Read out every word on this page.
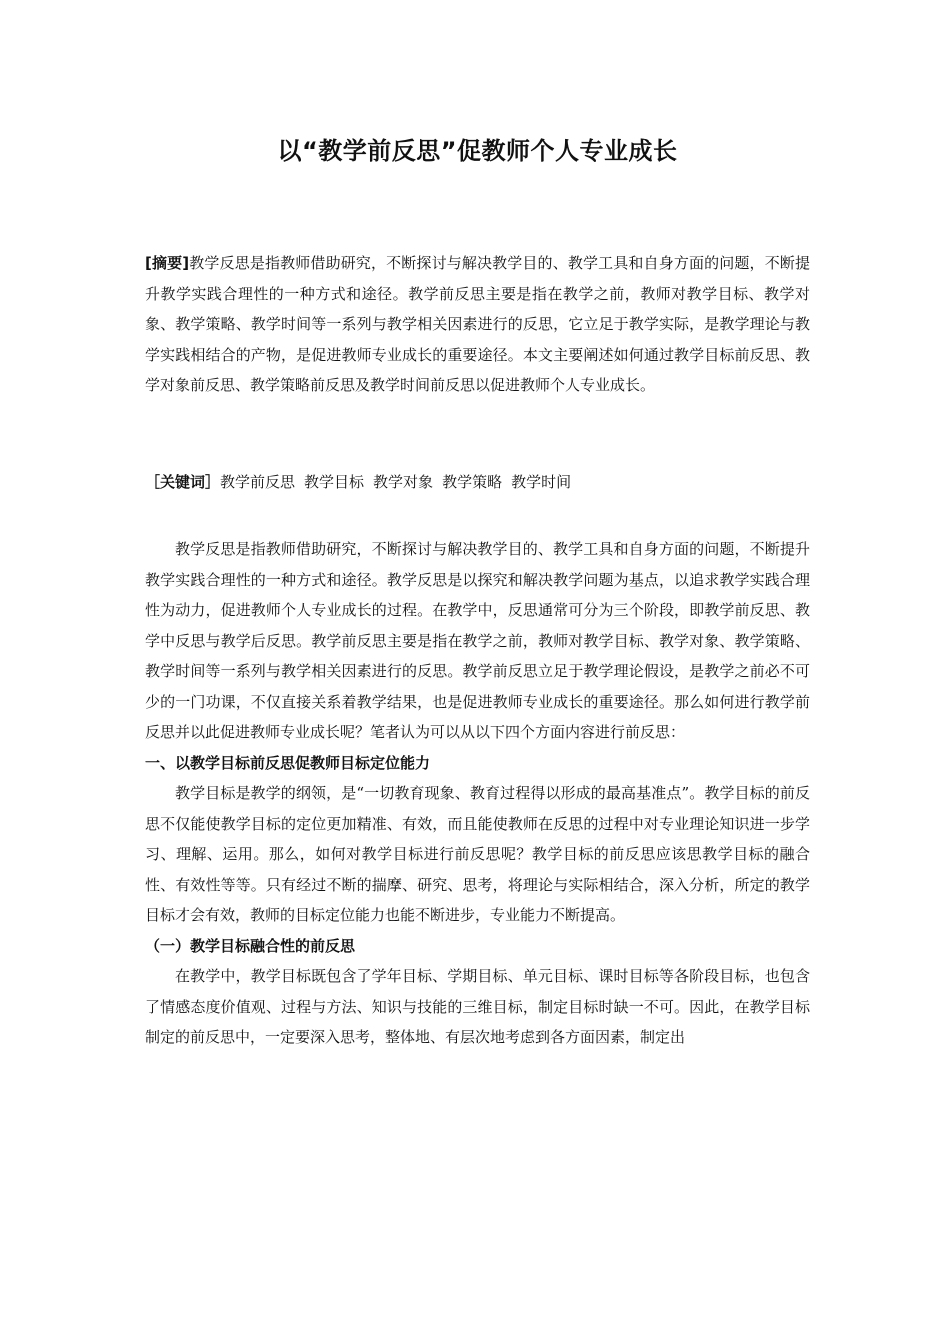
以“教学前反思”促教师个人专业成长

[摘要]教学反思是指教师借助研究，不断探讨与解决教学目的、教学工具和自身方面的问题，不断提升教学实践合理性的一种方式和途径。教学前反思主要是指在教学之前，教师对教学目标、教学对象、教学策略、教学时间等一系列与教学相关因素进行的反思，它立足于教学实际，是教学理论与教学实践相结合的产物，是促进教师专业成长的重要途径。本文主要阐述如何通过教学目标前反思、教学对象前反思、教学策略前反思及教学时间前反思以促进教师个人专业成长。

［关键词］教学前反思 教学目标 教学对象 教学策略 教学时间

教学反思是指教师借助研究，不断探讨与解决教学目的、教学工具和自身方面的问题，不断提升教学实践合理性的一种方式和途径。教学反思是以探究和解决教学问题为基点，以追求教学实践合理性为动力，促进教师个人专业成长的过程。在教学中，反思通常可分为三个阶段，即教学前反思、教学中反思与教学后反思。教学前反思主要是指在教学之前，教师对教学目标、教学对象、教学策略、教学时间等一系列与教学相关因素进行的反思。教学前反思立足于教学理论假设，是教学之前必不可少的一门功课，不仅直接关系着教学结果，也是促进教师专业成长的重要途径。那么如何进行教学前反思并以此促进教师专业成长呢？笔者认为可以从以下四个方面内容进行前反思：

一、以教学目标前反思促教师目标定位能力

教学目标是教学的纲领，是“一切教育现象、教育过程得以形成的最高基准点”。教学目标的前反思不仅能使教学目标的定位更加精准、有效，而且能使教师在反思的过程中对专业理论知识进一步学习、理解、运用。那么，如何对教学目标进行前反思呢？教学目标的前反思应该思教学目标的融合性、有效性等等。只有经过不断的揣摩、研究、思考，将理论与实际相结合，深入分析，所定的教学目标才会有效，教师的目标定位能力也能不断进步，专业能力不断提高。

（一）教学目标融合性的前反思

在教学中，教学目标既包含了学年目标、学期目标、单元目标、课时目标等各阶段目标，也包含了情感态度价值观、过程与方法、知识与技能的三维目标，制定目标时缺一不可。因此，在教学目标制定的前反思中，一定要深入思考，整体地、有层次地考虑到各方面因素，制定出
